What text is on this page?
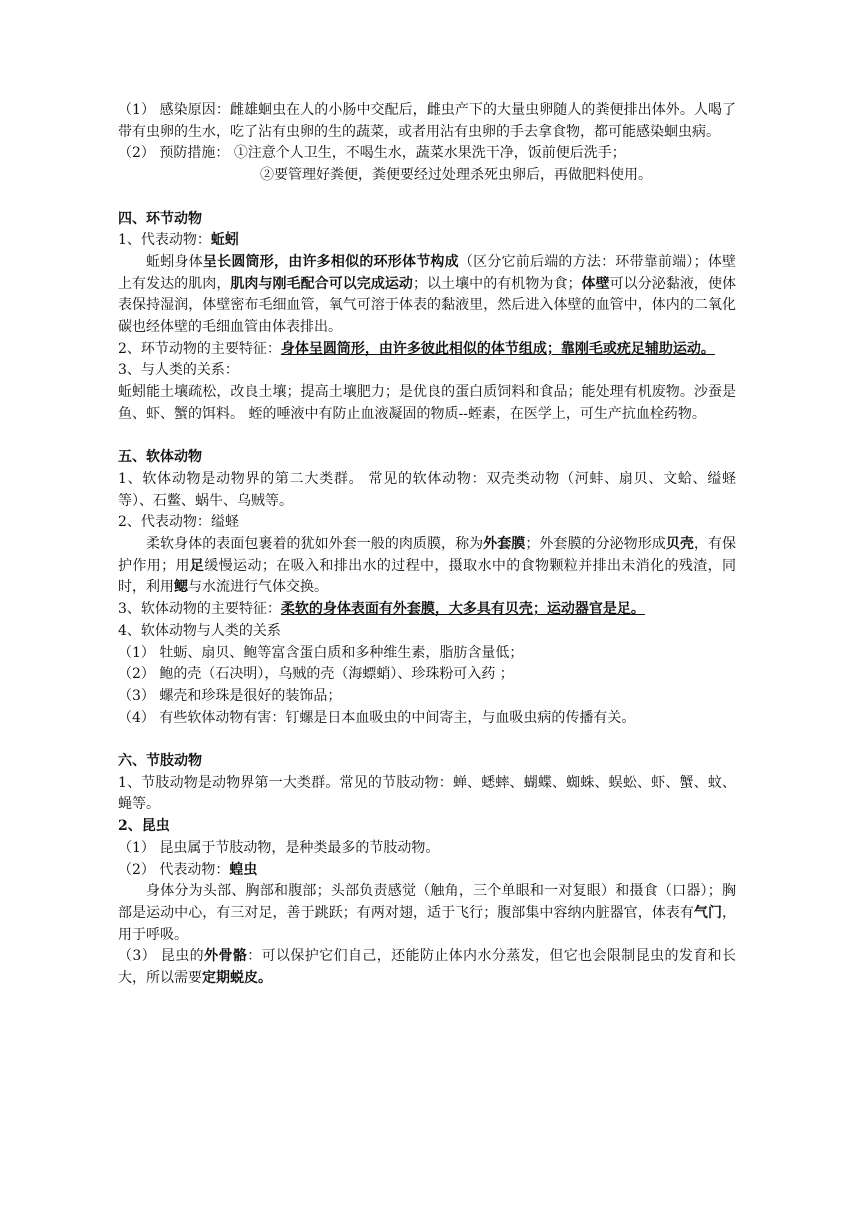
（1） 感染原因：雌雄蛔虫在人的小肠中交配后，雌虫产下的大量虫卵随人的粪便排出体外。人喝了带有虫卵的生水，吃了沾有虫卵的生的蔬菜，或者用沾有虫卵的手去拿食物，都可能感染蛔虫病。

（2） 预防措施： ①注意个人卫生，不喝生水，蔬菜水果洗干净，饭前便后洗手；

②要管理好粪便，粪便要经过处理杀死虫卵后，再做肥料使用。

四、环节动物

1、代表动物：蚯蚓

蚯蚓身体呈长圆筒形，由许多相似的环形体节构成（区分它前后端的方法：环带靠前端）；体壁上有发达的肌肉，肌肉与刚毛配合可以完成运动；以土壤中的有机物为食；体壁可以分泌黏液，使体表保持湿润，体壁密布毛细血管，氧气可溶于体表的黏液里，然后进入体壁的血管中，体内的二氧化碳也经体壁的毛细血管由体表排出。

2、环节动物的主要特征：身体呈圆筒形，由许多彼此相似的体节组成；靠刚毛或疣足辅助运动。

3、与人类的关系：

蚯蚓能土壤疏松，改良土壤；提高土壤肥力；是优良的蛋白质饲料和食品；能处理有机废物。沙蚕是鱼、虾、蟹的饵料。 蛭的唾液中有防止血液凝固的物质--蛭素，在医学上，可生产抗血栓药物。

五、软体动物

1、软体动物是动物界的第二大类群。 常见的软体动物：双壳类动物（河蚌、扇贝、文蛤、缢蛏等）、石鳖、蜗牛、乌贼等。

2、代表动物：缢蛏

柔软身体的表面包裹着的犹如外套一般的肉质膜，称为外套膜；外套膜的分泌物形成贝壳，有保护作用；用足缓慢运动；在吸入和排出水的过程中，摄取水中的食物颗粒并排出未消化的残渣，同时，利用鳃与水流进行气体交换。

3、软体动物的主要特征：柔软的身体表面有外套膜，大多具有贝壳；运动器官是足。

4、软体动物与人类的关系

（1） 牡蛎、扇贝、鲍等富含蛋白质和多种维生素，脂肪含量低；

（2） 鲍的壳（石决明），乌贼的壳（海螵蛸）、珍珠粉可入药 ；

（3） 螺壳和珍珠是很好的装饰品；

（4） 有些软体动物有害：钉螺是日本血吸虫的中间寄主，与血吸虫病的传播有关。

六、节肢动物

1、节肢动物是动物界第一大类群。常见的节肢动物：蝉、蟋蟀、蝴蝶、蜘蛛、蜈蚣、虾、蟹、蚊、蝇等。

2、昆虫

（1） 昆虫属于节肢动物，是种类最多的节肢动物。

（2） 代表动物：蝗虫

身体分为头部、胸部和腹部；头部负责感觉（触角，三个单眼和一对复眼）和摄食（口器）；胸部是运动中心，有三对足，善于跳跃；有两对翅，适于飞行；腹部集中容纳内脏器官，体表有气门，用于呼吸。

（3） 昆虫的外骨骼：可以保护它们自己，还能防止体内水分蒸发，但它也会限制昆虫的发育和长大，所以需要定期蜕皮。
